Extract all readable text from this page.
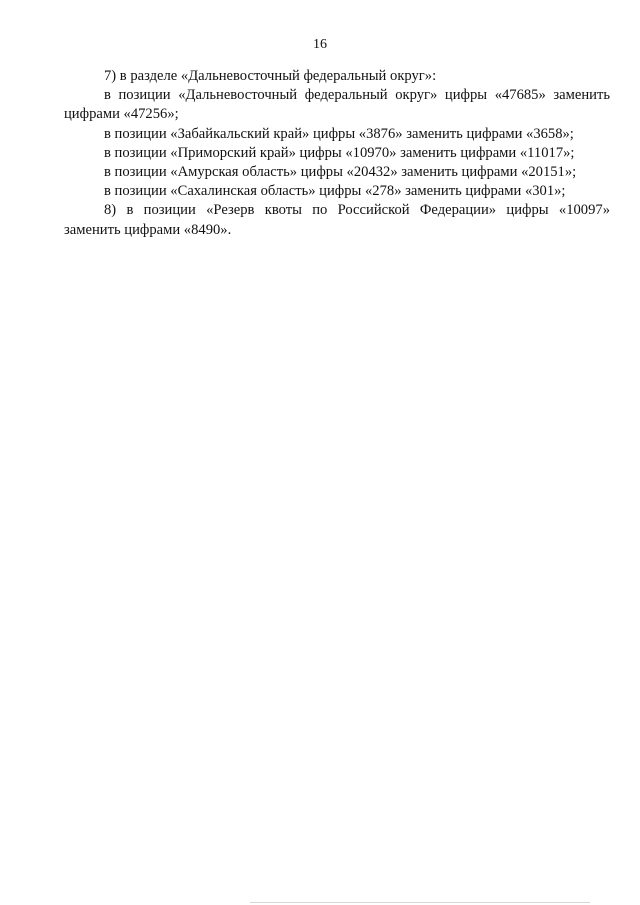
16

7) в разделе «Дальневосточный федеральный округ»:

в позиции «Дальневосточный федеральный округ» цифры «47685» заменить цифрами «47256»;

в позиции «Забайкальский край» цифры «3876» заменить цифрами «3658»;

в позиции «Приморский край» цифры «10970» заменить цифрами «11017»;

в позиции «Амурская область» цифры «20432» заменить цифрами «20151»;

в позиции «Сахалинская область» цифры «278» заменить цифрами «301»;

8) в позиции «Резерв квоты по Российской Федерации» цифры «10097» заменить цифрами «8490».
